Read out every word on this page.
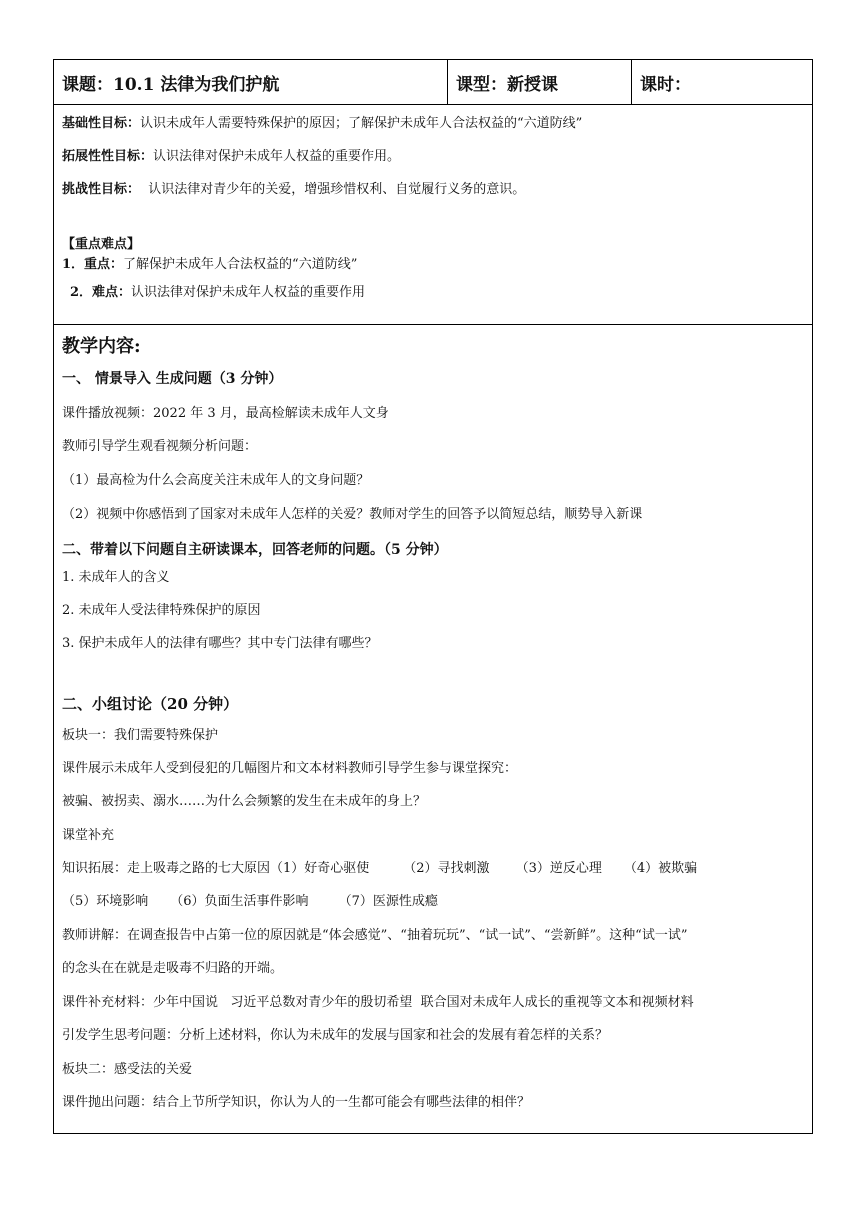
课题：10.1 法律为我们护航	课型：新授课	课时：

基础性目标：认识未成年人需要特殊保护的原因；了解保护未成年人合法权益的“六道防线”
拓展性性目标：认识法律对保护未成年人权益的重要作用。
挑战性目标：  认识法律对青少年的关爱，增强珍惜权利、自觉履行义务的意识。
【重点难点】
1．重点：了解保护未成年人合法权益的“六道防线”
2．难点：认识法律对保护未成年人权益的重要作用

教学内容:
一、 情景导入 生成问题（3 分钟）
课件播放视频：2022 年 3 月，最高检解读未成年人文身
教师引导学生观看视频分析问题：
（1）最高检为什么会高度关注未成年人的文身问题？
（2）视频中你感悟到了国家对未成年人怎样的关爱？教师对学生的回答予以简短总结，顺势导入新课
二、带着以下问题自主研读课本，回答老师的问题。（5 分钟）
1. 未成年人的含义
2. 未成年人受法律特殊保护的原因
3. 保护未成年人的法律有哪些？其中专门法律有哪些？
二、小组讨论（20 分钟）
板块一：我们需要特殊保护
课件展示未成年人受到侵犯的几幅图片和文本材料教师引导学生参与课堂探究：
被骗、被拐卖、溺水……为什么会频繁的发生在未成年的身上？
课堂补充
知识拓展：走上吸毒之路的七大原因（1）好奇心驱使	（2）寻找刺激 （3）逆反心理 （4）被欺骗
（5）环境影响 （6）负面生活事件影响 （7）医源性成瘾
教师讲解：在调查报告中占第一位的原因就是“体会感觉”、“抽着玩玩”、“试一试”、“尝新鲜”。这种“试一试”
的念头在在就是走吸毒不归路的开端。
课件补充材料：少年中国说   习近平总数对青少年的殷切希望  联合国对未成年人成长的重视等文本和视频材料
引发学生思考问题：分析上述材料，你认为未成年的发展与国家和社会的发展有着怎样的关系？
板块二：感受法的关爱
课件抛出问题：结合上节所学知识，你认为人的一生都可能会有哪些法律的相伴？
